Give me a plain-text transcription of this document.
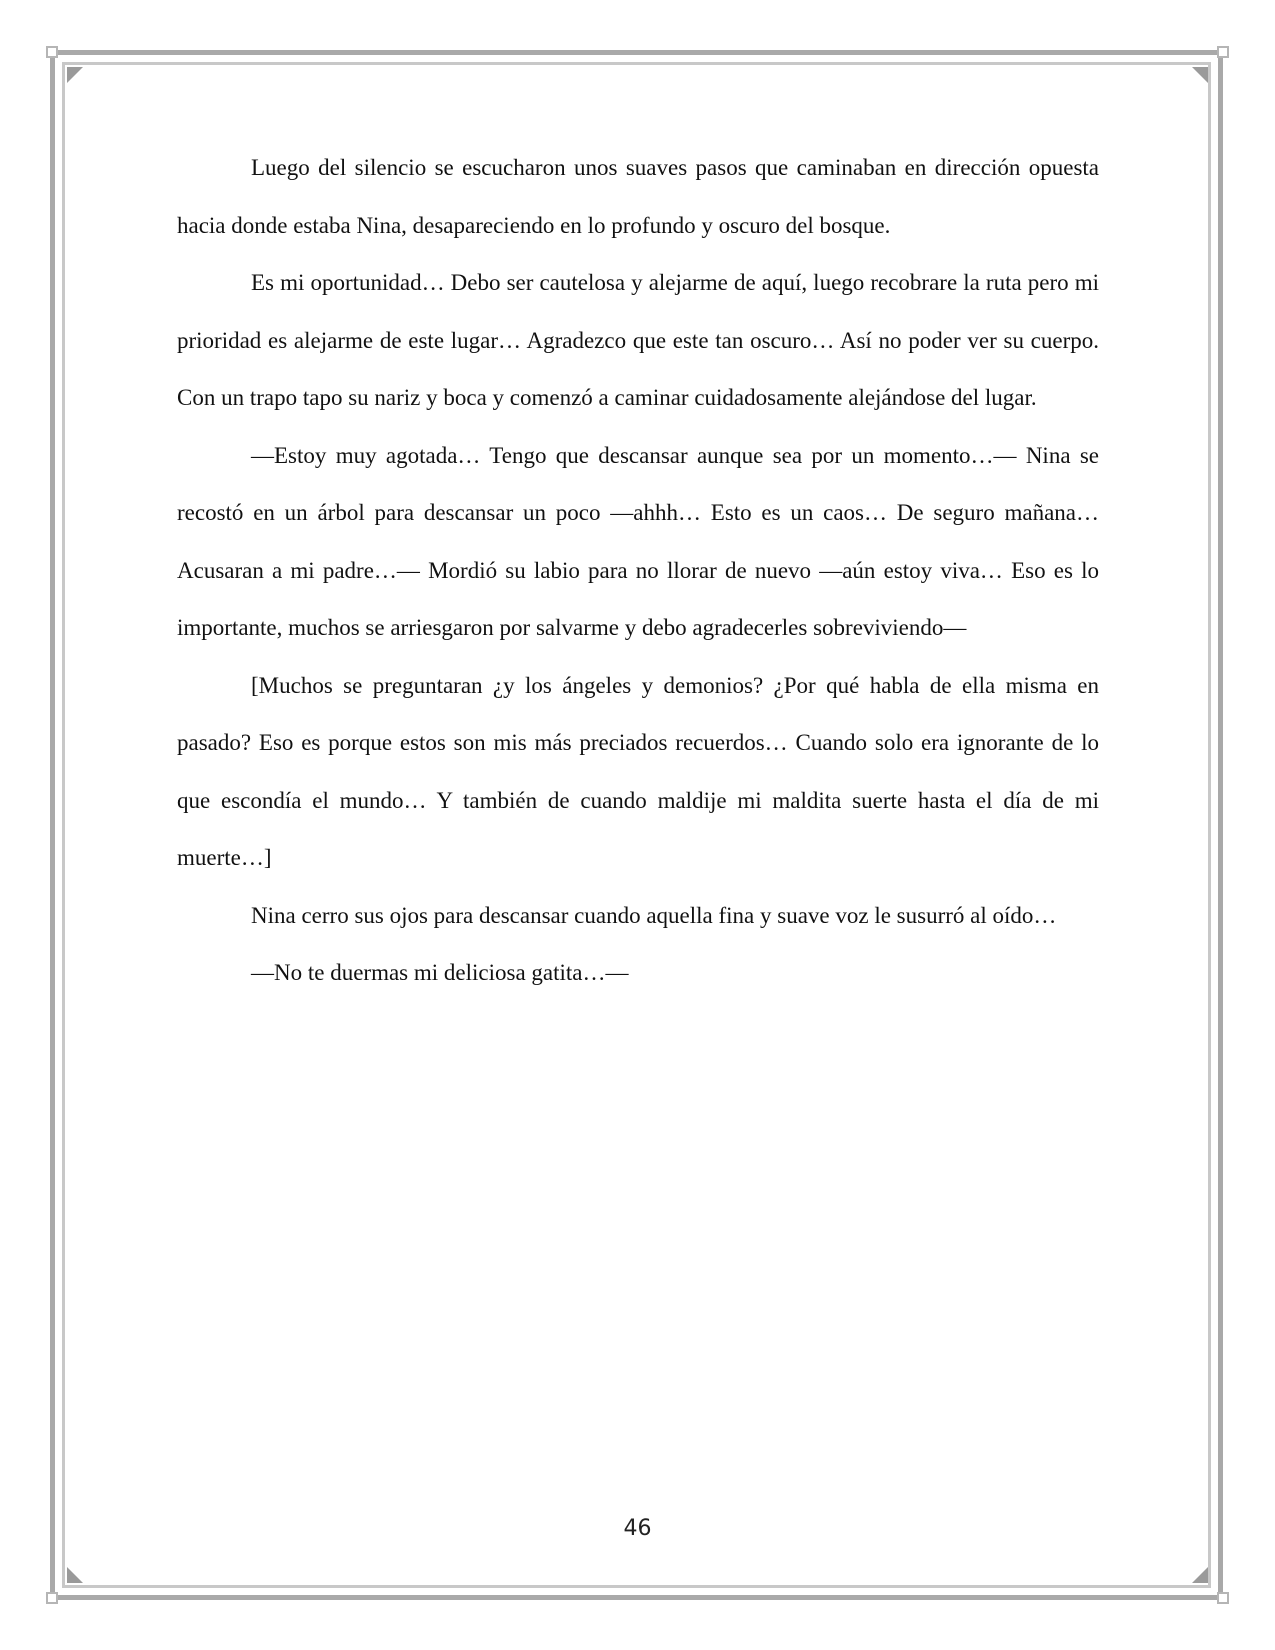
Luego del silencio se escucharon unos suaves pasos que caminaban en dirección opuesta hacia donde estaba Nina, desapareciendo en lo profundo y oscuro del bosque.

Es mi oportunidad… Debo ser cautelosa y alejarme de aquí, luego recobrare la ruta pero mi prioridad es alejarme de este lugar… Agradezco que este tan oscuro… Así no poder ver su cuerpo. Con un trapo tapo su nariz y boca y comenzó a caminar cuidadosamente alejándose del lugar.

—Estoy muy agotada… Tengo que descansar aunque sea por un momento…— Nina se recostó en un árbol para descansar un poco —ahhh… Esto es un caos… De seguro mañana… Acusaran a mi padre…— Mordió su labio para no llorar de nuevo —aún estoy viva… Eso es lo importante, muchos se arriesgaron por salvarme y debo agradecerles sobreviviendo—

[Muchos se preguntaran ¿y los ángeles y demonios? ¿Por qué habla de ella misma en pasado? Eso es porque estos son mis más preciados recuerdos… Cuando solo era ignorante de lo que escondía el mundo… Y también de cuando maldije mi maldita suerte hasta el día de mi muerte…]

Nina cerro sus ojos para descansar cuando aquella fina y suave voz le susurró al oído…

—No te duermas mi deliciosa gatita…—

46
